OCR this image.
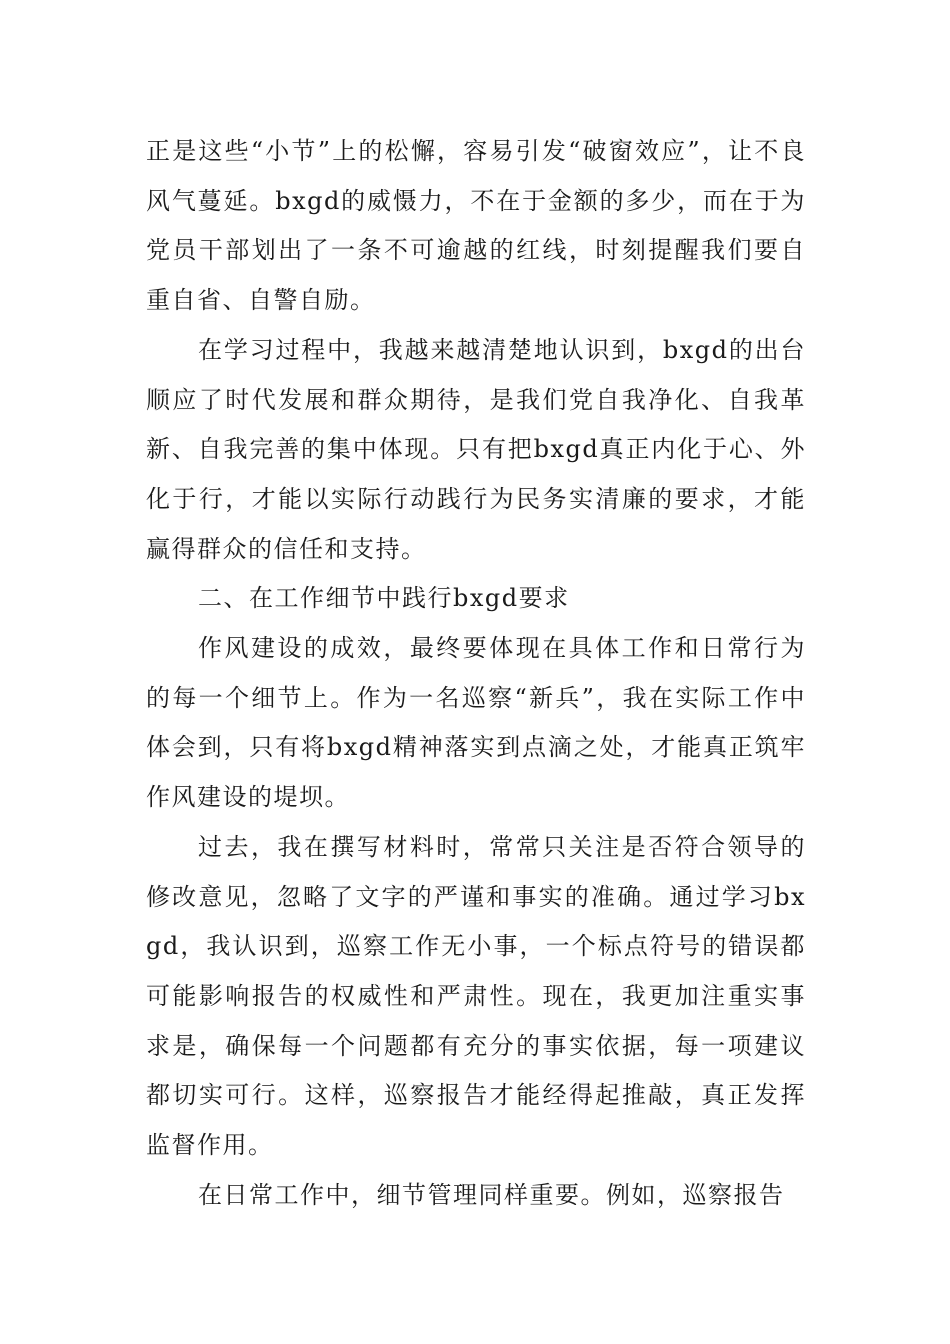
正是这些“小节”上的松懈，容易引发“破窗效应”，让不良风气蔓延。bxgd的威慑力，不在于金额的多少，而在于为党员干部划出了一条不可逾越的红线，时刻提醒我们要自重自省、自警自励。

在学习过程中，我越来越清楚地认识到，bxgd的出台顺应了时代发展和群众期待，是我们党自我净化、自我革新、自我完善的集中体现。只有把bxgd真正内化于心、外化于行，才能以实际行动践行为民务实清廉的要求，才能赢得群众的信任和支持。

二、在工作细节中践行bxgd要求

作风建设的成效，最终要体现在具体工作和日常行为的每一个细节上。作为一名巡察“新兵”，我在实际工作中体会到，只有将bxgd精神落实到点滴之处，才能真正筑牢作风建设的堤坝。

过去，我在撰写材料时，常常只关注是否符合领导的修改意见，忽略了文字的严谨和事实的准确。通过学习bxgd，我认识到，巡察工作无小事，一个标点符号的错误都可能影响报告的权威性和严肃性。现在，我更加注重实事求是，确保每一个问题都有充分的事实依据，每一项建议都切实可行。这样，巡察报告才能经得起推敲，真正发挥监督作用。

在日常工作中，细节管理同样重要。例如，巡察报告
